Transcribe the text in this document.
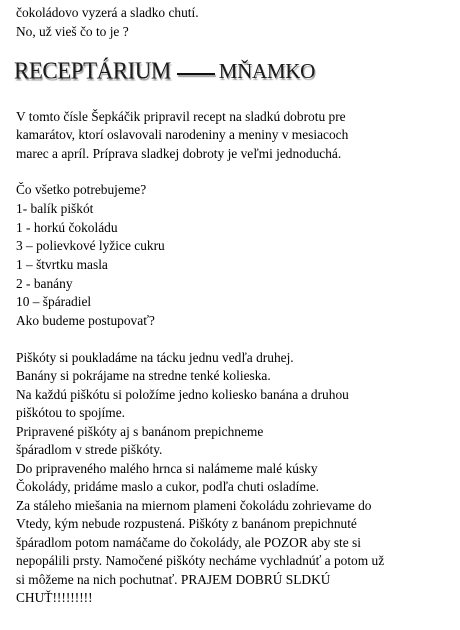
čokoládovo vyzerá a sladko chutí.
No, už vieš čo to je ?
RECEPTÁRIUM MŇAMKO
V tomto čísle Šepkáčik pripravil recept na sladkú dobrotu pre
kamarátov, ktorí oslavovali narodeniny a meniny v mesiacoch
marec a apríl. Príprava sladkej dobroty je veľmi jednoduchá.
Čo všetko potrebujeme?
1- balík piškót
1 - horkú čokoládu
3 – polievkové lyžice cukru
1 – štvrtku masla
2 - banány
10 – špáradiel
Ako budeme postupovať?
Piškóty si poukladáme na tácku jednu vedľa druhej.
Banány si pokrájame na stredne tenké kolieska.
Na každú piškótu si položíme jedno koliesko banána a druhou
piškótou to spojíme.
Pripravené piškóty aj s banánom prepichneme
špáradlom v strede piškóty.
Do pripraveného malého hrnca si nalámeme malé kúsky
Čokolády, pridáme maslo a cukor, podľa chuti osladíme.
Za stáleho miešania na miernom plameni čokoládu zohrievame do
Vtedy, kým nebude rozpustená. Piškóty z banánom prepichnuté
špáradlom potom namáčame do čokolády, ale POZOR aby ste si
nepopálili prsty. Namočené piškóty necháme vychladnúť a potom už
si môžeme na nich pochutnať. PRAJEM DOBRÚ SLDKÚ
CHUŤ!!!!!!!!!
